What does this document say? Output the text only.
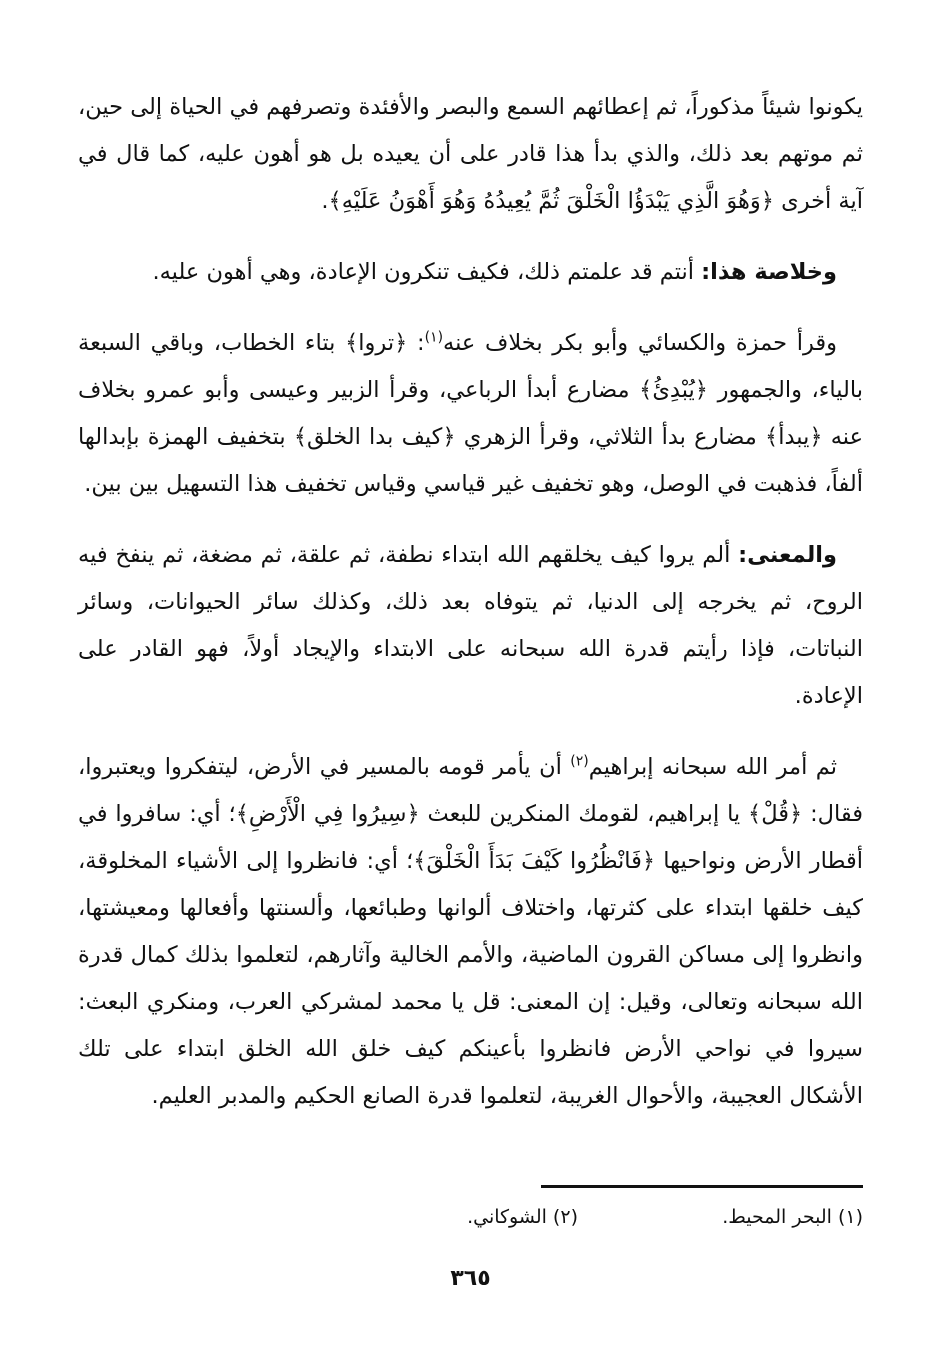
يكونوا شيئاً مذكوراً، ثم إعطائهم السمع والبصر والأفئدة وتصرفهم في الحياة إلى حين، ثم موتهم بعد ذلك، والذي بدأ هذا قادر على أن يعيده بل هو أهون عليه، كما قال في آية أخرى ﴿وَهُوَ الَّذِي يَبْدَؤُا الْخَلْقَ ثُمَّ يُعِيدُهُ وَهُوَ أَهْوَنُ عَلَيْهِ﴾.

وخلاصة هذا: أنتم قد علمتم ذلك، فكيف تنكرون الإعادة، وهي أهون عليه.

وقرأ حمزة والكسائي وأبو بكر بخلاف عنه$^{(١)}$: ﴿تروا﴾ بتاء الخطاب، وباقي السبعة بالياء، والجمهور ﴿يُبْدِئُ﴾ مضارع أبدأ الرباعي، وقرأ الزبير وعيسى وأبو عمرو بخلاف عنه ﴿يبدأ﴾ مضارع بدأ الثلاثي، وقرأ الزهري ﴿كيف بدا الخلق﴾ بتخفيف الهمزة بإبدالها ألفاً، فذهبت في الوصل، وهو تخفيف غير قياسي وقياس تخفيف هذا التسهيل بين بين.

والمعنى: ألم يروا كيف يخلقهم الله ابتداء نطفة، ثم علقة، ثم مضغة، ثم ينفخ فيه الروح، ثم يخرجه إلى الدنيا، ثم يتوفاه بعد ذلك، وكذلك سائر الحيوانات، وسائر النباتات، فإذا رأيتم قدرة الله سبحانه على الابتداء والإيجاد أولاً، فهو القادر على الإعادة.

ثم أمر الله سبحانه إبراهيم$^{(٢)}$ أن يأمر قومه بالمسير في الأرض، ليتفكروا ويعتبروا، فقال: ﴿قُلْ﴾ يا إبراهيم، لقومك المنكرين للبعث ﴿سِيرُوا فِي الْأَرْضِ﴾؛ أي: سافروا في أقطار الأرض ونواحيها ﴿فَانْظُرُوا كَيْفَ بَدَأَ الْخَلْقَ﴾؛ أي: فانظروا إلى الأشياء المخلوقة، كيف خلقها ابتداء على كثرتها، واختلاف ألوانها وطبائعها، وألسنتها وأفعالها ومعيشتها، وانظروا إلى مساكن القرون الماضية، والأمم الخالية وآثارهم، لتعلموا بذلك كمال قدرة الله سبحانه وتعالى، وقيل: إن المعنى: قل يا محمد لمشركي العرب، ومنكري البعث: سيروا في نواحي الأرض فانظروا بأعينكم كيف خلق الله الخلق ابتداء على تلك الأشكال العجيبة، والأحوال الغريبة، لتعلموا قدرة الصانع الحكيم والمدبر العليم.

(١) البحر المحيط.
(٢) الشوكاني.
٣٦٥
